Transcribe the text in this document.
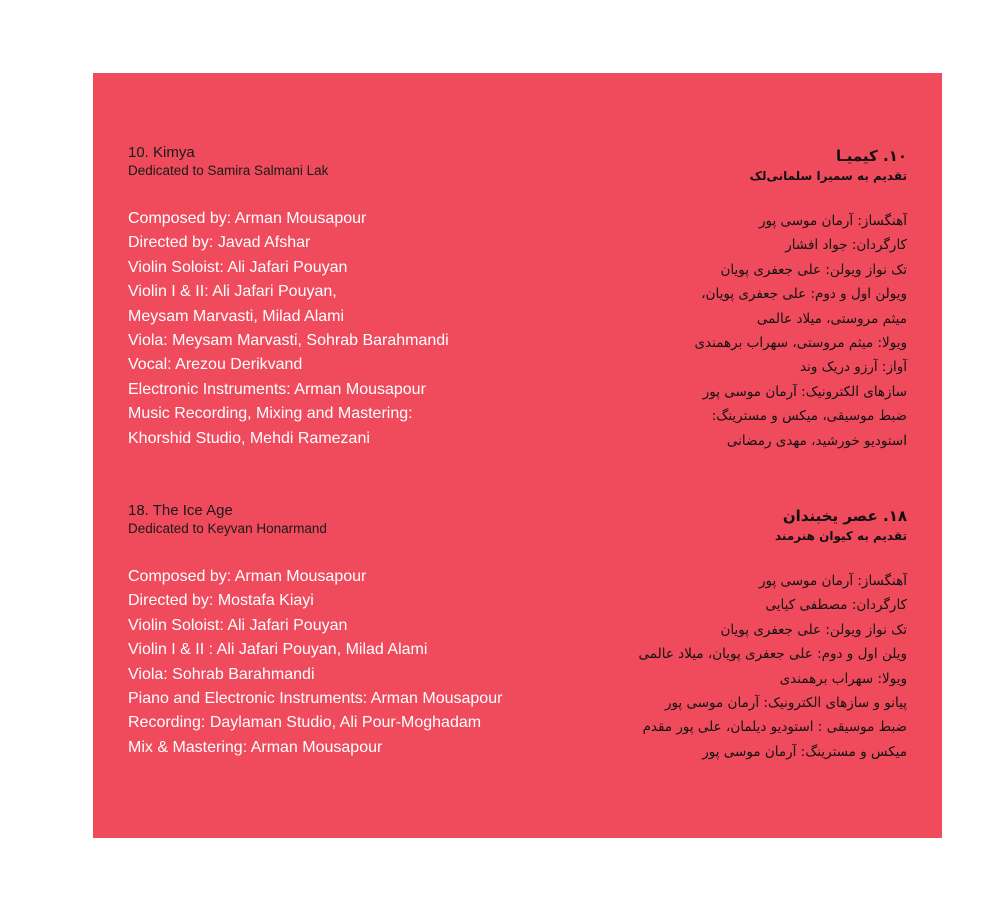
10. Kimya

Dedicated to Samira Salmani Lak

Composed by: Arman Mousapour

Directed by: Javad Afshar

Violin Soloist: Ali Jafari Pouyan

Violin I & II: Ali Jafari Pouyan,

Meysam Marvasti, Milad Alami

Viola: Meysam Marvasti, Sohrab Barahmandi

Vocal: Arezou Derikvand

Electronic Instruments: Arman Mousapour

Music Recording, Mixing and Mastering:

Khorshid Studio, Mehdi Ramezani

۱۰. کیمیـا

تقدیم به سمیرا سلمانی‌لک

آهنگساز: آرمان موسی پور

کارگردان: جواد افشار

تک نواز ویولن: علی جعفری پویان

ویولن اول و دوم: علی جعفری پویان،

میثم مروستی، میلاد عالمی

ویولا: میثم مروستی، سهراب برهمندی

آواز: آرزو دریک وند

سازهای الکترونیک: آرمان موسی پور

ضبط موسیقی، میکس و مسترینگ:

استودیو خورشید، مهدی رمضانی

18. The Ice Age

Dedicated to Keyvan Honarmand

Composed by: Arman Mousapour

Directed by: Mostafa Kiayi

Violin Soloist: Ali Jafari Pouyan

Violin I & II : Ali Jafari Pouyan, Milad Alami

Viola: Sohrab Barahmandi

Piano and Electronic Instruments: Arman Mousapour

Recording: Daylaman Studio, Ali Pour-Moghadam

Mix & Mastering: Arman Mousapour

۱۸. عصر یخبندان

تقدیم به کیوان هنرمند

آهنگساز: آرمان موسی پور

کارگردان: مصطفی کیایی

تک نواز ویولن: علی جعفری پویان

ویلن اول و دوم: علی جعفری پویان، میلاد عالمی

ویولا: سهراب برهمندی

پیانو و سازهای الکترونیک: آرمان موسی پور

ضبط موسیقی : استودیو دیلمان، علی پور مقدم

میکس و مسترینگ: آرمان موسی پور
